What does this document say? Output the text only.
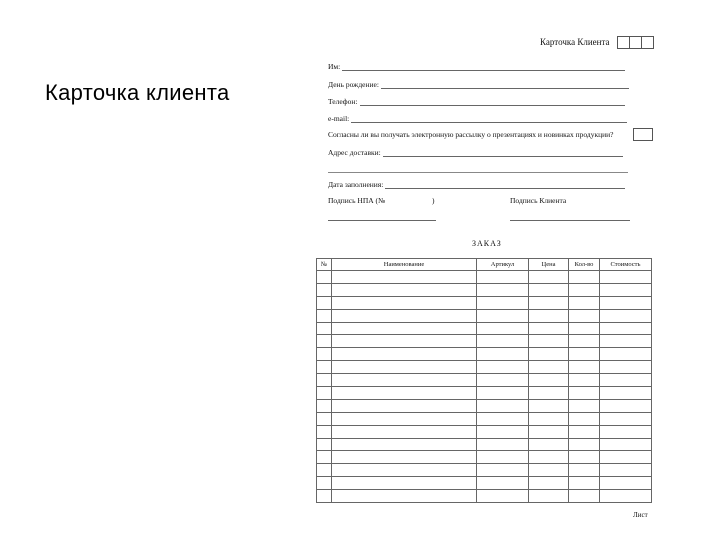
Карточка клиента
Карточка Клиента
Им:
День рождение:
Телефон:
e-mail:
Согласны ли вы получать электронную рассылку о презентациях и новинках продукции?
Адрес доставки:
Дата заполнения:
Подпись НПА (№	)	Подпись Клиента
ЗАКАЗ
№	Наименование	Артикул	Цена	Кол-во	Стоимость

Лист
